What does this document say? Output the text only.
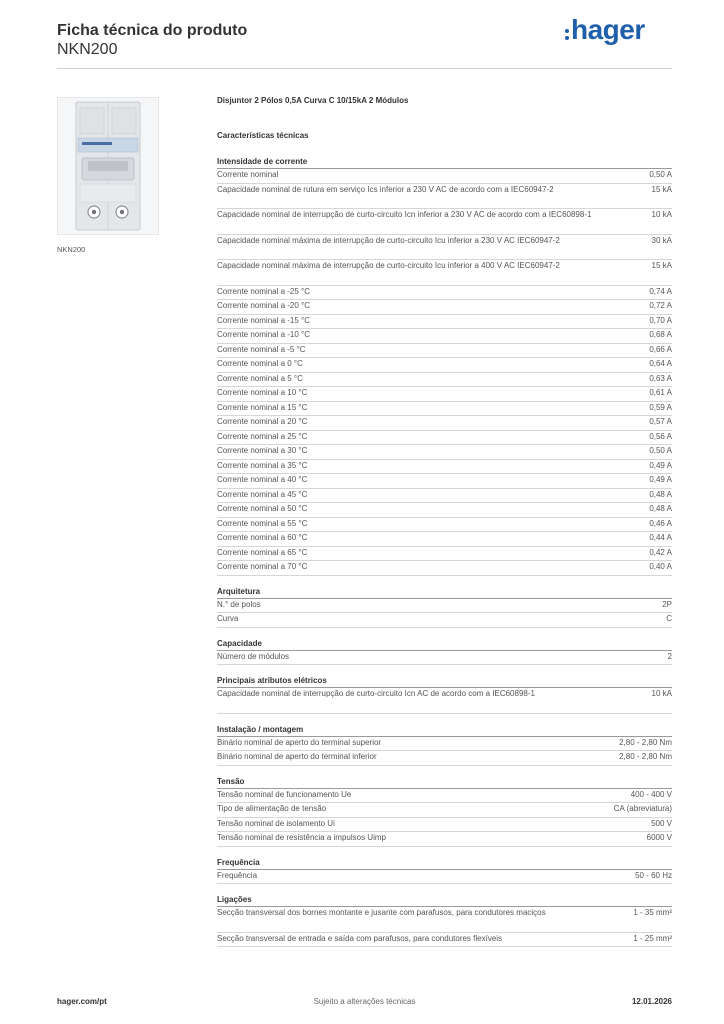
Ficha técnica do produto
NKN200
hager
NKN200
Disjuntor 2 Pólos 0,5A Curva C 10/15kA 2 Módulos
Características técnicas
Intensidade de corrente
Corrente nominal	0,50 A
Capacidade nominal de rutura em serviço Ics inferior a 230 V AC de acordo com a IEC60947-2	15 kA
Capacidade nominal de interrupção de curto-circuito Icn inferior a 230 V AC de acordo com a IEC60898-1	10 kA
Capacidade nominal máxima de interrupção de curto-circuito Icu inferior a 230 V AC IEC60947-2	30 kA
Capacidade nominal máxima de interrupção de curto-circuito Icu inferior a 400 V AC IEC60947-2	15 kA
Corrente nominal a -25 °C	0,74 A
Corrente nominal a -20 °C	0,72 A
Corrente nominal a -15 °C	0,70 A
Corrente nominal a -10 °C	0,68 A
Corrente nominal a -5 °C	0,66 A
Corrente nominal a 0 °C	0,64 A
Corrente nominal a 5 °C	0,63 A
Corrente nominal a 10 °C	0,61 A
Corrente nominal a 15 °C	0,59 A
Corrente nominal a 20 °C	0,57 A
Corrente nominal a 25 °C	0,56 A
Corrente nominal a 30 °C	0,50 A
Corrente nominal a 35 °C	0,49 A
Corrente nominal a 40 °C	0,49 A
Corrente nominal a 45 °C	0,48 A
Corrente nominal a 50 °C	0,48 A
Corrente nominal a 55 °C	0,46 A
Corrente nominal a 60 °C	0,44 A
Corrente nominal a 65 °C	0,42 A
Corrente nominal a 70 °C	0,40 A
Arquitetura
N.° de polos	2P
Curva	C
Capacidade
Número de módulos	2
Principais atributos elétricos
Capacidade nominal de interrupção de curto-circuito Icn AC de acordo com a IEC60898-1	10 kA
Instalação / montagem
Binário nominal de aperto do terminal superior	2,80 - 2,80 Nm
Binário nominal de aperto do terminal inferior	2,80 - 2,80 Nm
Tensão
Tensão nominal de funcionamento Ue	400 - 400 V
Tipo de alimentação de tensão	CA (abreviatura)
Tensão nominal de isolamento Ui	500 V
Tensão nominal de resistência a impulsos Uimp	6000 V
Frequência
Frequência	50 - 60 Hz
Ligações
Secção transversal dos bornes montante e jusante com parafusos, para condutores maciços	1 - 35 mm²
Secção transversal de entrada e saída com parafusos, para condutores flexíveis	1 - 25 mm²
hager.com/pt	Sujeito a alterações técnicas	12.01.2026
